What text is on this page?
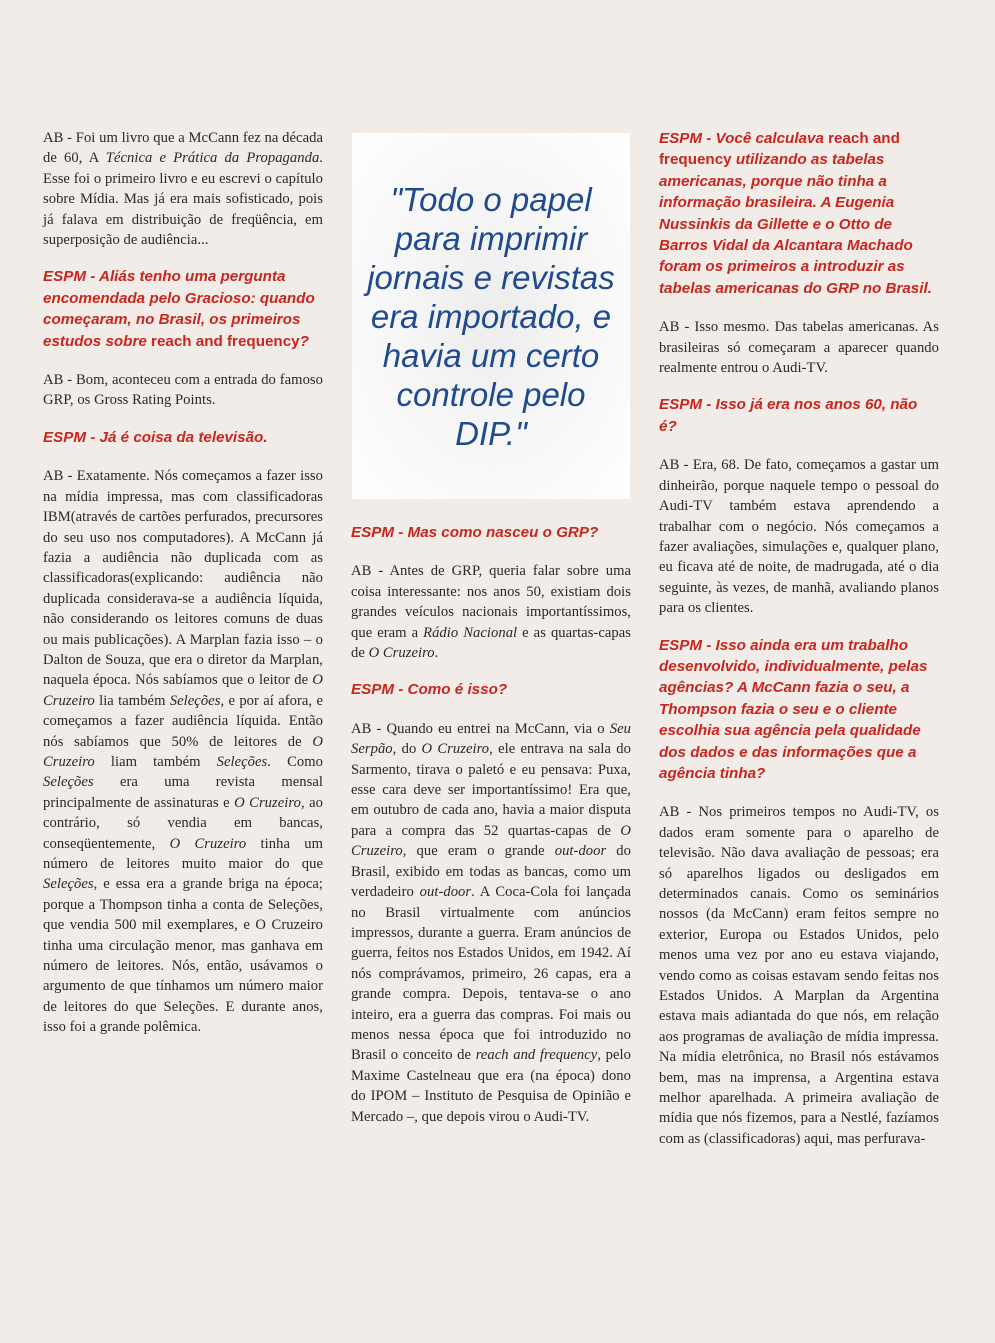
AB - Foi um livro que a McCann fez na década de 60, A Técnica e Prática da Propaganda. Esse foi o primeiro livro e eu escrevi o capítulo sobre Mídia. Mas já era mais sofisticado, pois já falava em distribuição de freqüência, em superposição de audiência...

ESPM - Aliás tenho uma pergunta encomendada pelo Gracioso: quando começaram, no Brasil, os primeiros estudos sobre reach and frequency?

AB - Bom, aconteceu com a entrada do famoso GRP, os Gross Rating Points.

ESPM - Já é coisa da televisão.

AB - Exatamente. Nós começamos a fazer isso na mídia impressa, mas com classificadoras IBM(através de cartões perfurados, precursores do seu uso nos computadores). A McCann já fazia a audiência não duplicada com as classificadoras(explicando: audiência não duplicada considerava-se a audiência líquida, não considerando os leitores comuns de duas ou mais publicações). A Marplan fazia isso – o Dalton de Souza, que era o diretor da Marplan, naquela época. Nós sabíamos que o leitor de O Cruzeiro lia também Seleções, e por aí afora, e começamos a fazer audiência líquida. Então nós sabíamos que 50% de leitores de O Cruzeiro liam também Seleções. Como Seleções era uma revista mensal principalmente de assinaturas e O Cruzeiro, ao contrário, só vendia em bancas, conseqüentemente, O Cruzeiro tinha um número de leitores muito maior do que Seleções, e essa era a grande briga na época; porque a Thompson tinha a conta de Seleções, que vendia 500 mil exemplares, e O Cruzeiro tinha uma circulação menor, mas ganhava em número de leitores. Nós, então, usávamos o argumento de que tínhamos um número maior de leitores do que Seleções. E durante anos, isso foi a grande polêmica.

"Todo o papel para imprimir jornais e revistas era importado, e havia um certo controle pelo DIP."

ESPM - Mas como nasceu o GRP?

AB - Antes de GRP, queria falar sobre uma coisa interessante: nos anos 50, existiam dois grandes veículos nacionais importantíssimos, que eram a Rádio Nacional e as quartas-capas de O Cruzeiro.

ESPM - Como é isso?

AB - Quando eu entrei na McCann, via o Seu Serpão, do O Cruzeiro, ele entrava na sala do Sarmento, tirava o paletó e eu pensava: Puxa, esse cara deve ser importantíssimo! Era que, em outubro de cada ano, havia a maior disputa para a compra das 52 quartas-capas de O Cruzeiro, que eram o grande out-door do Brasil, exibido em todas as bancas, como um verdadeiro out-door. A Coca-Cola foi lançada no Brasil virtualmente com anúncios impressos, durante a guerra. Eram anúncios de guerra, feitos nos Estados Unidos, em 1942. Aí nós comprávamos, primeiro, 26 capas, era a grande compra. Depois, tentava-se o ano inteiro, era a guerra das compras. Foi mais ou menos nessa época que foi introduzido no Brasil o conceito de reach and frequency, pelo Maxime Castelneau que era (na época) dono do IPOM – Instituto de Pesquisa de Opinião e Mercado –, que depois virou o Audi-TV.

ESPM - Você calculava reach and frequency utilizando as tabelas americanas, porque não tinha a informação brasileira. A Eugenia Nussinkis da Gillette e o Otto de Barros Vidal da Alcantara Machado foram os primeiros a introduzir as tabelas americanas do GRP no Brasil.

AB - Isso mesmo. Das tabelas americanas. As brasileiras só começaram a aparecer quando realmente entrou o Audi-TV.

ESPM - Isso já era nos anos 60, não é?

AB - Era, 68. De fato, começamos a gastar um dinheirão, porque naquele tempo o pessoal do Audi-TV também estava aprendendo a trabalhar com o negócio. Nós começamos a fazer avaliações, simulações e, qualquer plano, eu ficava até de noite, de madrugada, até o dia seguinte, às vezes, de manhã, avaliando planos para os clientes.

ESPM - Isso ainda era um trabalho desenvolvido, individualmente, pelas agências? A McCann fazia o seu, a Thompson fazia o seu e o cliente escolhia sua agência pela qualidade dos dados e das informações que a agência tinha?

AB - Nos primeiros tempos no Audi-TV, os dados eram somente para o aparelho de televisão. Não dava avaliação de pessoas; era só aparelhos ligados ou desligados em determinados canais. Como os seminários nossos (da McCann) eram feitos sempre no exterior, Europa ou Estados Unidos, pelo menos uma vez por ano eu estava viajando, vendo como as coisas estavam sendo feitas nos Estados Unidos. A Marplan da Argentina estava mais adiantada do que nós, em relação aos programas de avaliação de mídia impressa. Na mídia eletrônica, no Brasil nós estávamos bem, mas na imprensa, a Argentina estava melhor aparelhada. A primeira avaliação de mídia que nós fizemos, para a Nestlé, fazíamos com as (classificadoras) aqui, mas perfurava-
